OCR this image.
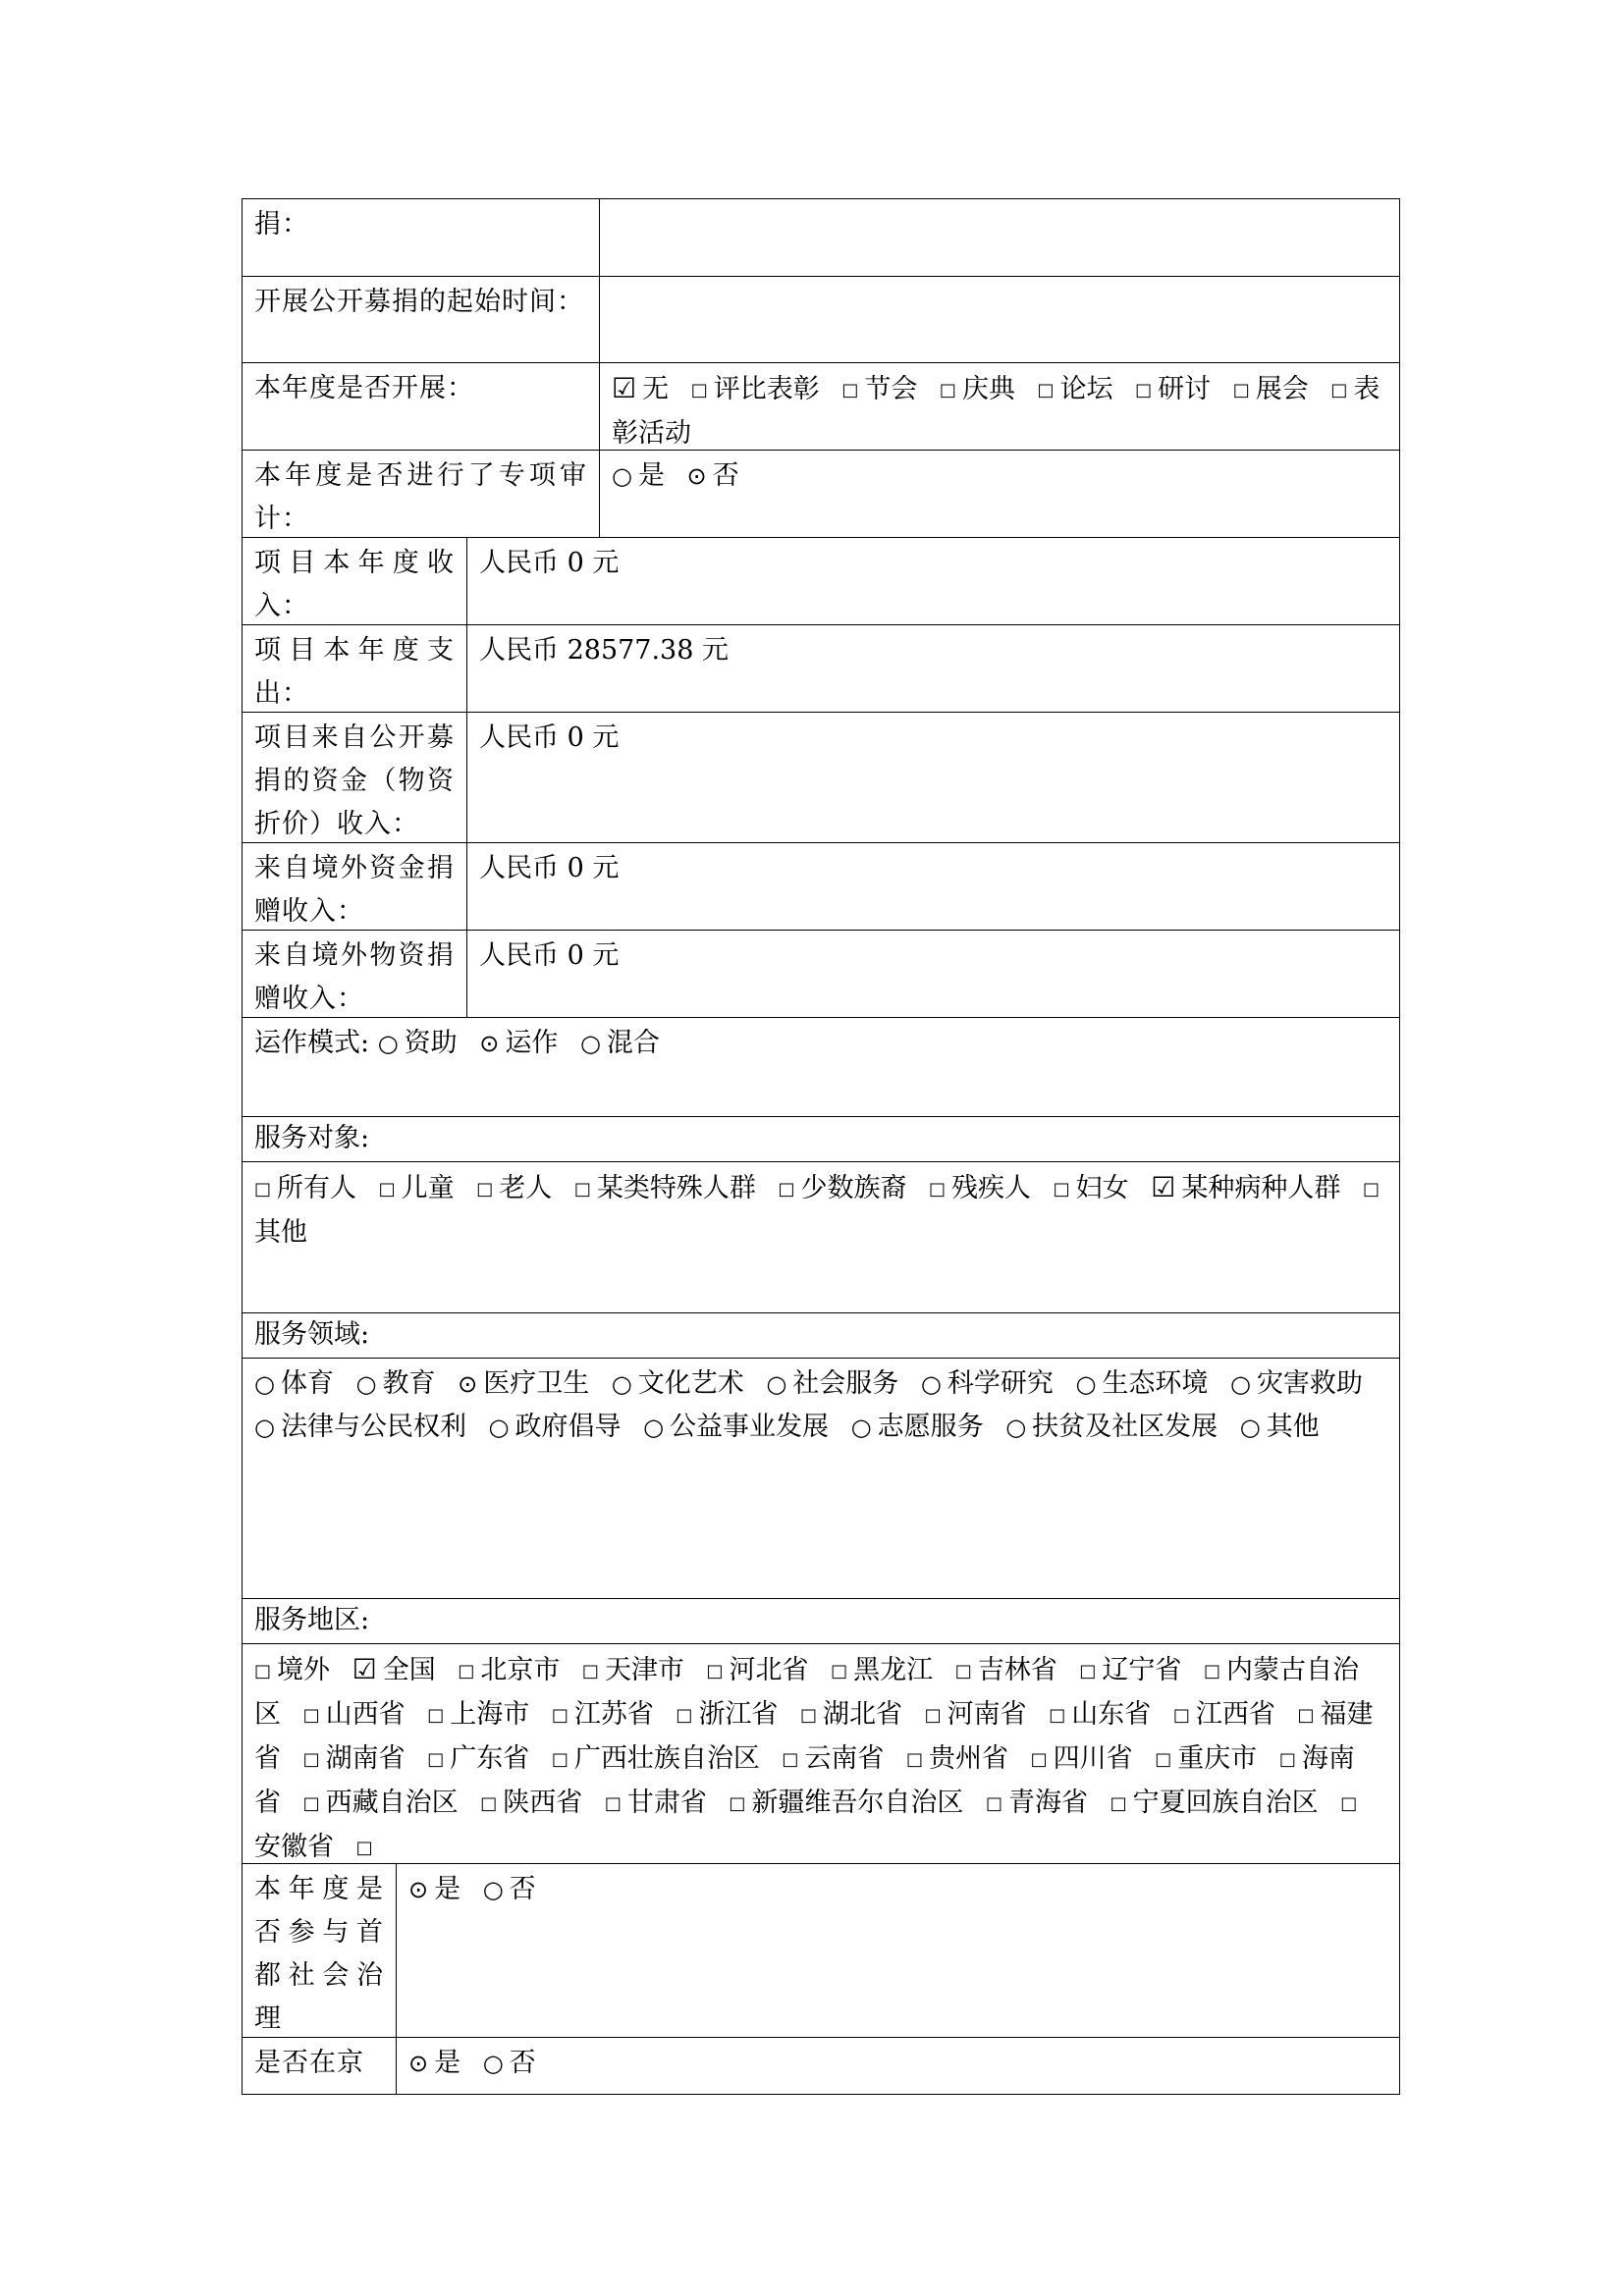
捐：
开展公开募捐的起始时间：
本年度是否开展：	☑ 无 □ 评比表彰 □ 节会 □ 庆典 □ 论坛 □ 研讨 □ 展会 □ 表彰活动
本年度是否进行了专项审计：
○ 是 ⊙ 否
项目本年度收入：
人民币 0 元
项目本年度支出：
人民币 28577.38 元
项目来自公开募捐的资金（物资折价）收入：
人民币 0 元
来自境外资金捐赠收入：
人民币 0 元
来自境外物资捐赠收入：
人民币 0 元
运作模式: ○ 资助 ⊙ 运作 ○ 混合
服务对象:
□ 所有人 □ 儿童 □ 老人 □ 某类特殊人群 □ 少数族裔 □ 残疾人 □ 妇女 ☑ 某种病种人群 □其他
服务领域:
○ 体育 ○ 教育 ⊙ 医疗卫生 ○ 文化艺术 ○ 社会服务 ○ 科学研究 ○ 生态环境 ○ 灾害救助 ○ 法律与公民权利 ○ 政府倡导 ○ 公益事业发展 ○ 志愿服务 ○ 扶贫及社区发展 ○ 其他
服务地区:
□ 境外 ☑ 全国 □ 北京市 □ 天津市 □ 河北省 □ 黑龙江 □ 吉林省 □ 辽宁省 □ 内蒙古自治区 □ 山西省 □ 上海市 □ 江苏省 □ 浙江省 □ 湖北省 □ 河南省 □ 山东省 □ 江西省 □ 福建省 □ 湖南省 □ 广东省 □ 广西壮族自治区 □ 云南省 □ 贵州省 □ 四川省 □ 重庆市 □ 海南省 □ 西藏自治区 □ 陕西省 □ 甘肃省 □ 新疆维吾尔自治区 □ 青海省 □ 宁夏回族自治区 □安徽省 □
本年度是否参与首都社会治理
⊙ 是 ○ 否
是否在京	⊙ 是 ○ 否
